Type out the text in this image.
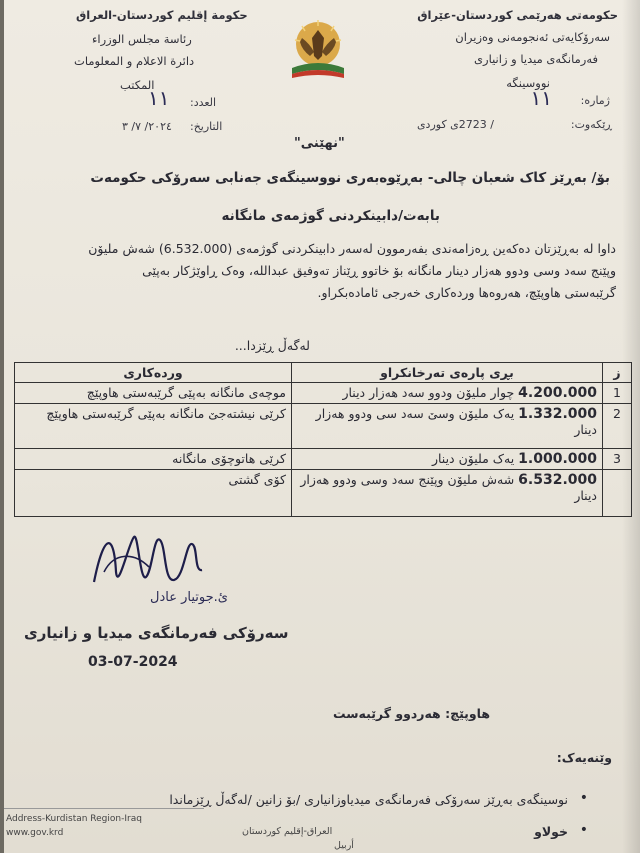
حکومەتی هەرێمی کوردستان-عێراق
سەرۆکایەتی ئەنجومەنی وەزیران
فەرمانگەی میدیا و زانیاری
نووسینگە
حكومة إقليم كوردستان-العراق
رئاسة مجلس الوزراء
دائرة الاعلام و المعلومات
المكتب
ژمارە:
١١
ڕێکەوت:
/ 2723ی کوردی
العدد:
١١
التاريخ:
٢٠٢٤/ ٧/ ٣
"نهێنی"
بۆ/ بەڕێز کاک شعبان چالی- بەڕێوەبەری نووسینگەی جەنابی سەرۆکی حکومەت
بابەت/دابینکردنی گوژمەی مانگانە
داوا لە بەڕێزتان دەکەین ڕەزامەندی بفەرموون لەسەر دابینکردنی گوژمەی (6.532.000) شەش ملیۆن
وپێنج سەد وسی ودوو هەزار دینار مانگانە بۆ خاتوو ڕێناز تەوفیق عبداللە، وەک ڕاوێژکار بەپێی
گرێبەستی هاوپێچ، هەروەها وردەکاری خەرجی ئامادەبکراو.
لەگەڵ ڕێزدا...
ز	بڕی پارەی تەرخانکراو	وردەکاری
1	4.200.000 چوار ملیۆن ودوو سەد هەزار دینار	موچەی مانگانە بەپێی گرێبەستی هاوپێچ
2	1.332.000 یەک ملیۆن وسێ سەد سی ودوو هەزار دینار	کرێی نیشتەجێ مانگانە بەپێی گرێبەستی هاوپێچ
3	1.000.000 یەک ملیۆن دینار	کرێی هاتوچۆی مانگانە
	6.532.000 شەش ملیۆن وپێنج سەد وسی ودوو هەزار دینار	کۆی گشتی
ئ.جوتیار عادل
سەرۆکی فەرمانگەی میدیا و زانیاری
03-07-2024
هاوپێچ: هەردوو گرێبەست
وێنەیەک:
•
نوسینگەی بەڕێز سەرۆکی فەرمانگەی میدیاوزانیاری /بۆ زانین /لەگەڵ ڕێزماندا
•
خولاو
Address-Kurdistan Region-Iraq
www.gov.krd	العراق-إقليم كوردستان
أربيل
